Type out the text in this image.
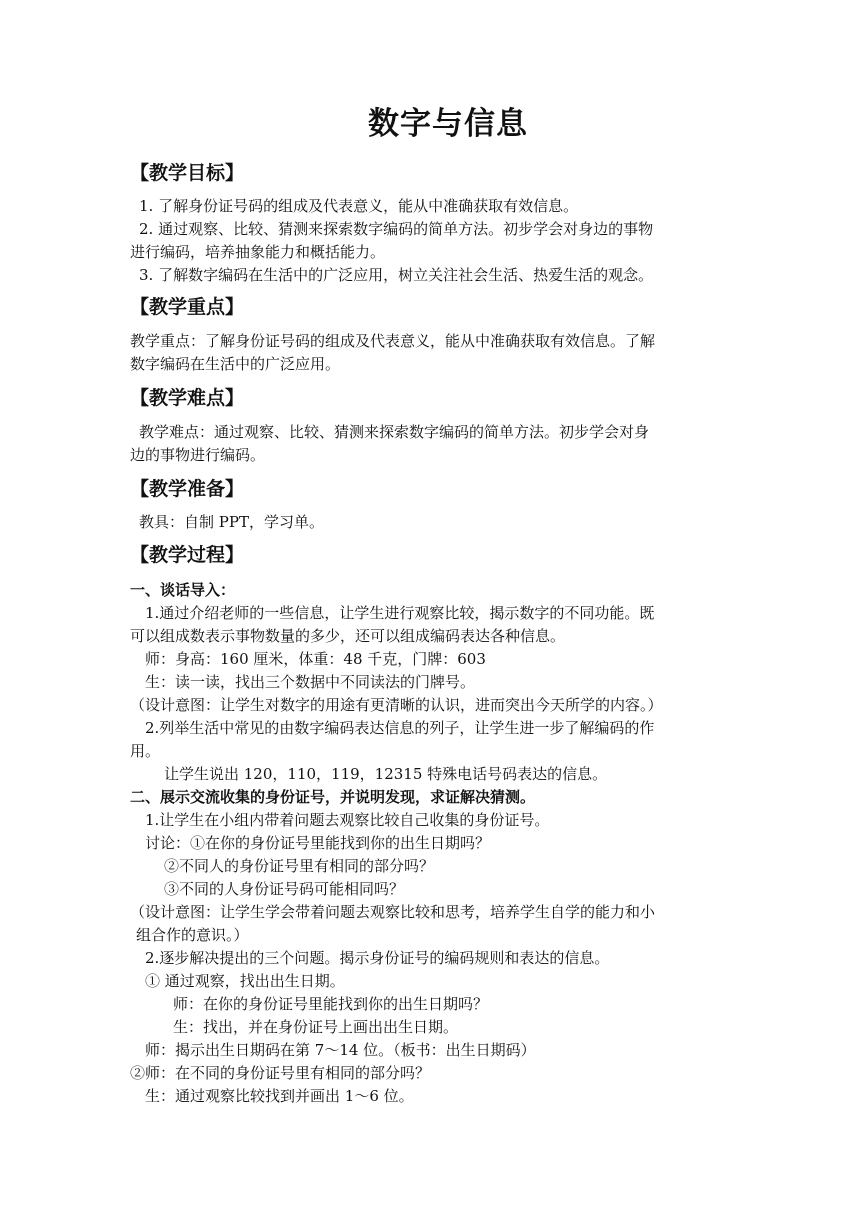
数字与信息
【教学目标】
1. 了解身份证号码的组成及代表意义，能从中准确获取有效信息。
2. 通过观察、比较、猜测来探索数字编码的简单方法。初步学会对身边的事物
进行编码，培养抽象能力和概括能力。
3. 了解数字编码在生活中的广泛应用，树立关注社会生活、热爱生活的观念。
【教学重点】
教学重点：了解身份证号码的组成及代表意义，能从中准确获取有效信息。了解
数字编码在生活中的广泛应用。
【教学难点】
教学难点：通过观察、比较、猜测来探索数字编码的简单方法。初步学会对身
边的事物进行编码。
【教学准备】
教具：自制 PPT，学习单。
【教学过程】
一、谈话导入：
1.通过介绍老师的一些信息，让学生进行观察比较，揭示数字的不同功能。既
可以组成数表示事物数量的多少，还可以组成编码表达各种信息。
师：身高：160 厘米，体重：48 千克，门牌：603
生：读一读，找出三个数据中不同读法的门牌号。
（设计意图：让学生对数字的用途有更清晰的认识，进而突出今天所学的内容。）
2.列举生活中常见的由数字编码表达信息的列子，让学生进一步了解编码的作
用。
让学生说出 120，110，119，12315 特殊电话号码表达的信息。
二、展示交流收集的身份证号，并说明发现，求证解决猜测。
1.让学生在小组内带着问题去观察比较自己收集的身份证号。
讨论：①在你的身份证号里能找到你的出生日期吗？
②不同人的身份证号里有相同的部分吗？
③不同的人身份证号码可能相同吗？
（设计意图：让学生学会带着问题去观察比较和思考，培养学生自学的能力和小
组合作的意识。）
2.逐步解决提出的三个问题。揭示身份证号的编码规则和表达的信息。
① 通过观察，找出出生日期。
师：在你的身份证号里能找到你的出生日期吗？
生：找出，并在身份证号上画出出生日期。
师：揭示出生日期码在第 7～14 位。（板书：出生日期码）
②师：在不同的身份证号里有相同的部分吗？
生：通过观察比较找到并画出 1～6 位。
